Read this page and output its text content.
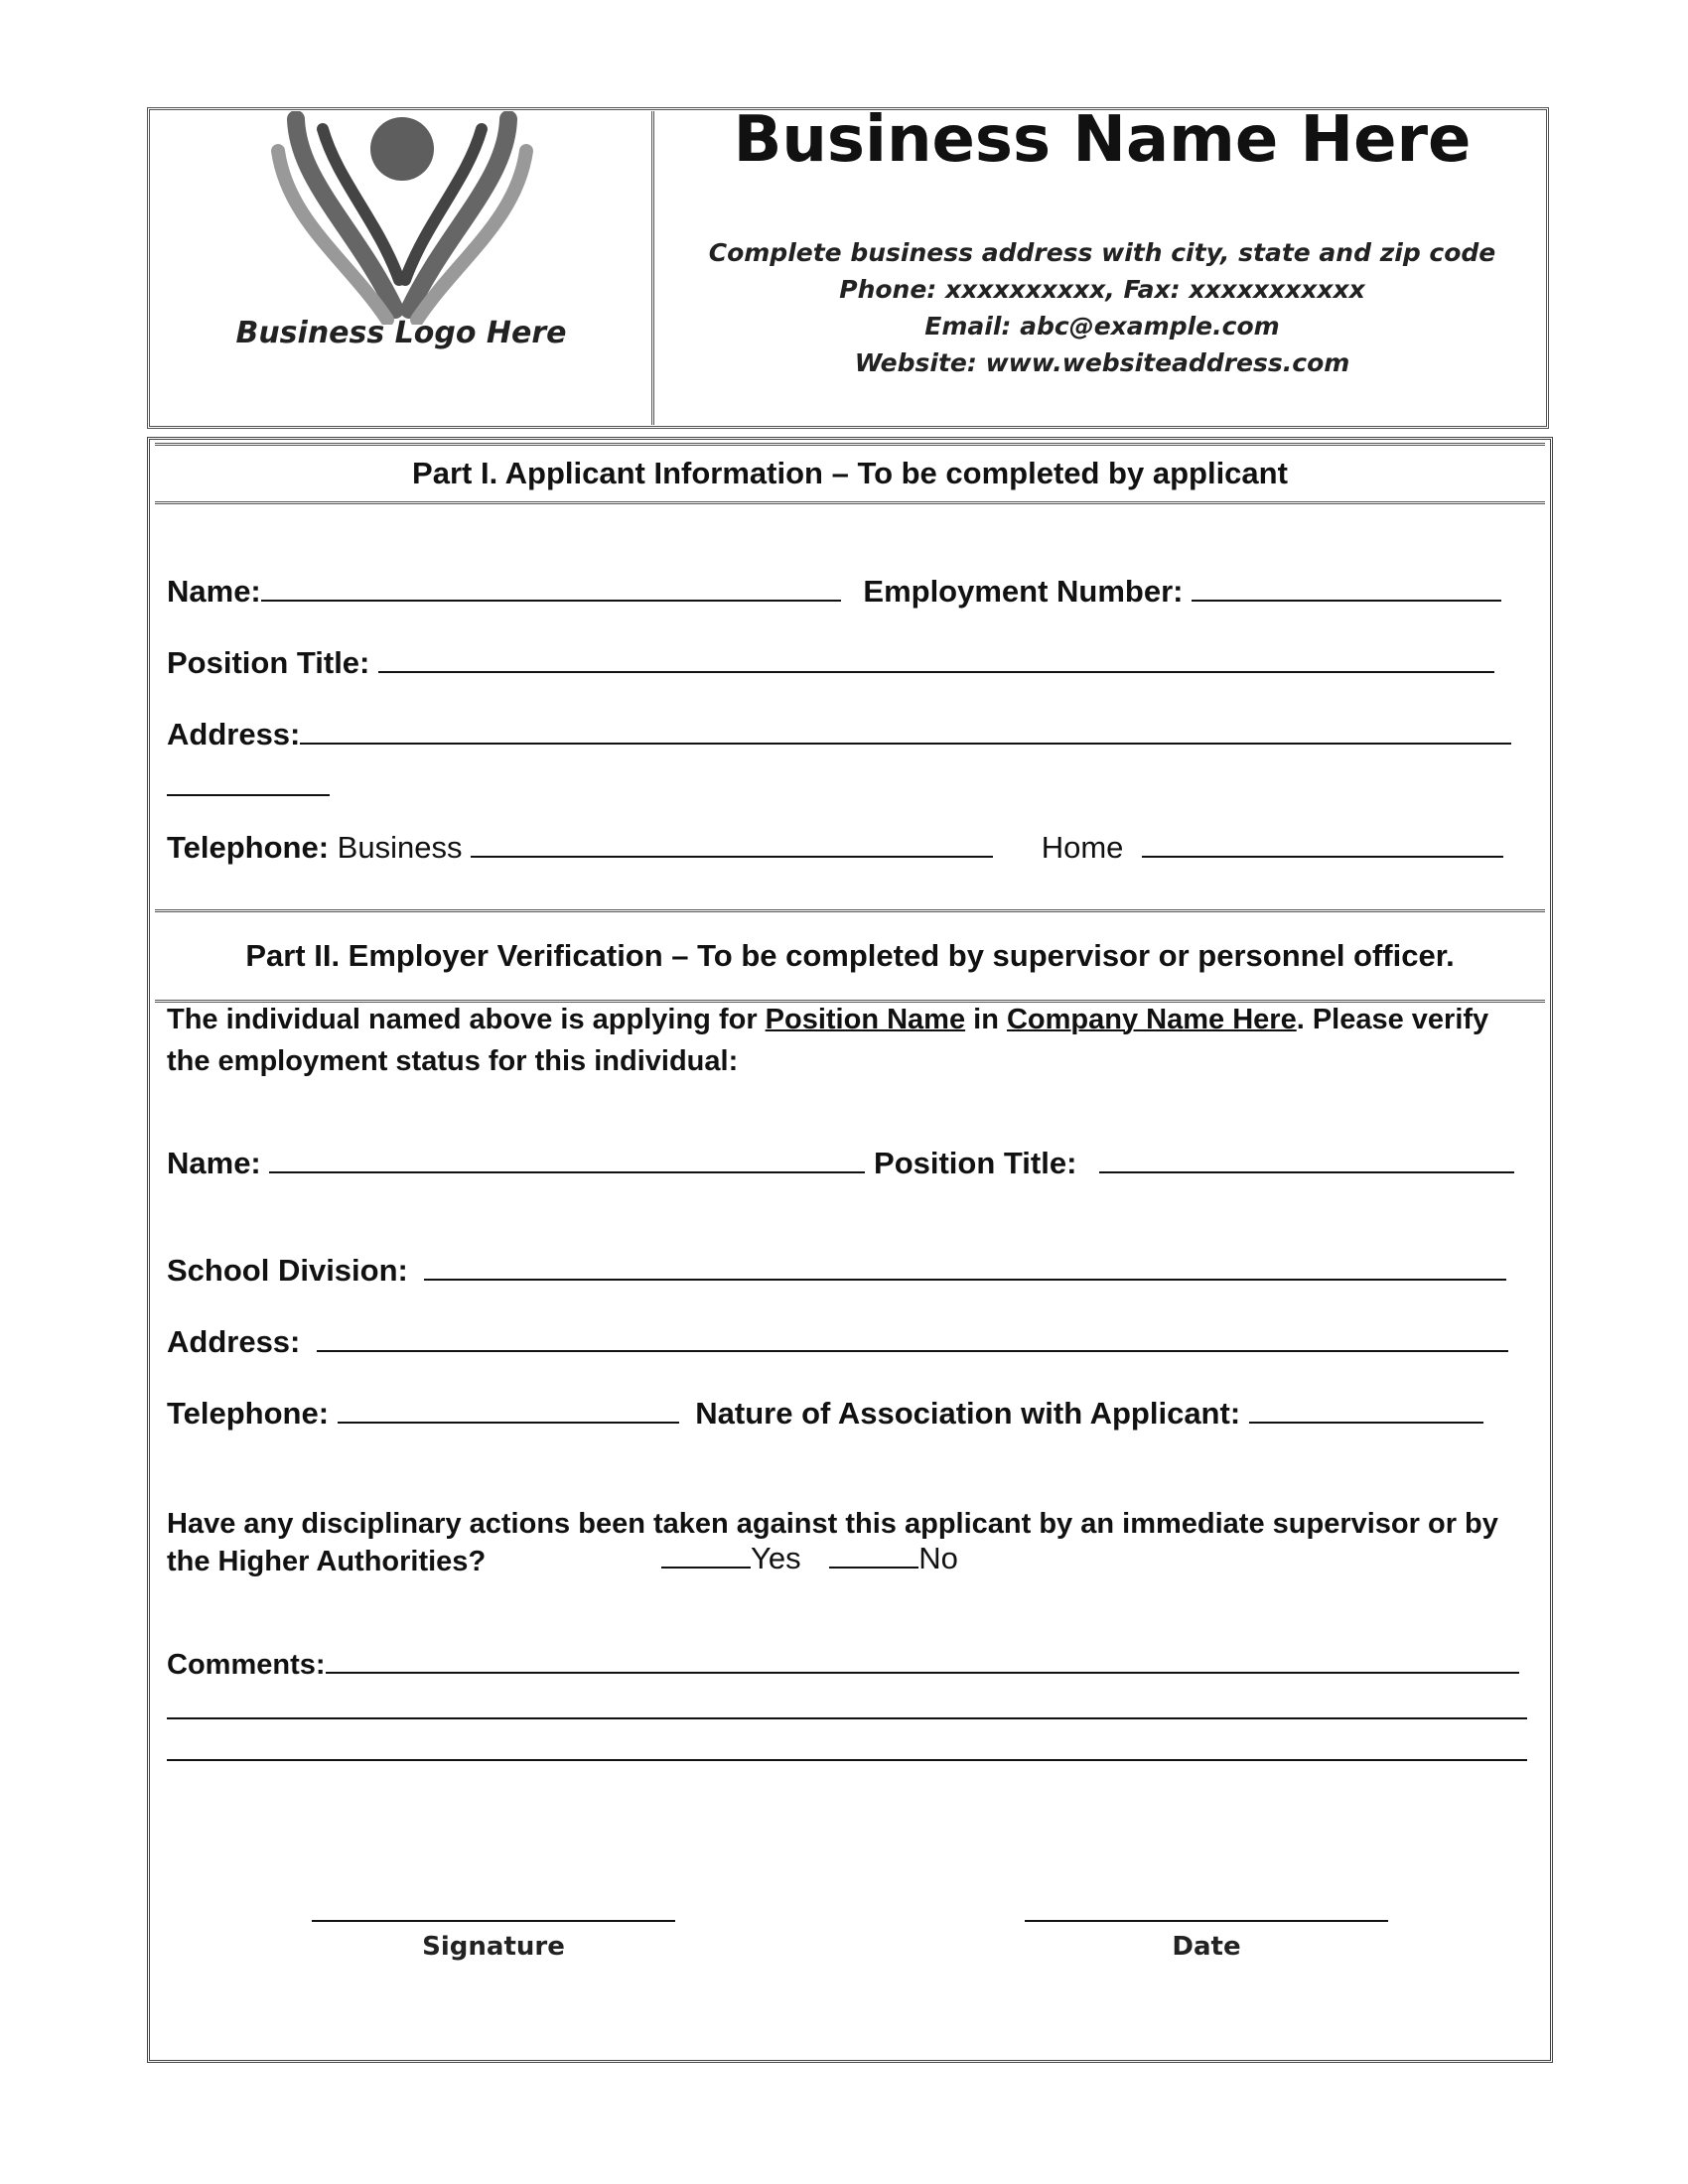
Business Logo Here
Business Name Here
Complete business address with city, state and zip code
Phone: xxxxxxxxxx, Fax: xxxxxxxxxxx
Email: abc@example.com
Website: www.websiteaddress.com
Part I. Applicant Information – To be completed by applicant
Name:	Employment Number:
Position Title:
Address:
Telephone: Business	Home
Part II. Employer Verification – To be completed by supervisor or personnel officer.
The individual named above is applying for Position Name in Company Name Here. Please verify the employment status for this individual:
Name:	Position Title:
School Division:
Address:
Telephone:	Nature of Association with Applicant:
Have any disciplinary actions been taken against this applicant by an immediate supervisor or by the Higher Authorities?	Yes	No
Comments:
Signature	Date
